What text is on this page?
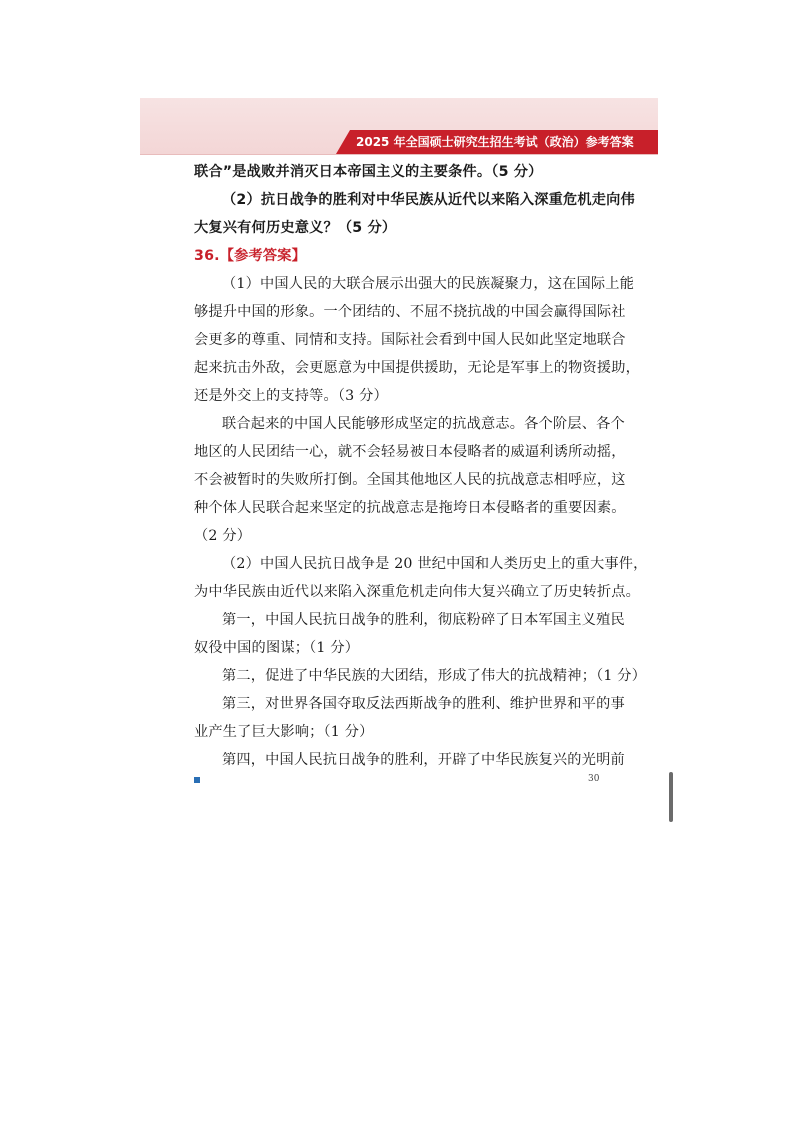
2025 年全国硕士研究生招生考试（政治）参考答案
联合”是战败并消灭日本帝国主义的主要条件。（5 分）
（2）抗日战争的胜利对中华民族从近代以来陷入深重危机走向伟
大复兴有何历史意义？（5 分）
36.【参考答案】
（1）中国人民的大联合展示出强大的民族凝聚力，这在国际上能
够提升中国的形象。一个团结的、不屈不挠抗战的中国会赢得国际社
会更多的尊重、同情和支持。国际社会看到中国人民如此坚定地联合
起来抗击外敌，会更愿意为中国提供援助，无论是军事上的物资援助，
还是外交上的支持等。（3 分）
联合起来的中国人民能够形成坚定的抗战意志。各个阶层、各个
地区的人民团结一心，就不会轻易被日本侵略者的威逼利诱所动摇，
不会被暂时的失败所打倒。全国其他地区人民的抗战意志相呼应，这
种个体人民联合起来坚定的抗战意志是拖垮日本侵略者的重要因素。
（2 分）
（2）中国人民抗日战争是 20 世纪中国和人类历史上的重大事件，
为中华民族由近代以来陷入深重危机走向伟大复兴确立了历史转折点。
第一，中国人民抗日战争的胜利，彻底粉碎了日本军国主义殖民
奴役中国的图谋；（1 分）
第二，促进了中华民族的大团结，形成了伟大的抗战精神；（1 分）
第三，对世界各国夺取反法西斯战争的胜利、维护世界和平的事
业产生了巨大影响；（1 分）
第四，中国人民抗日战争的胜利，开辟了中华民族复兴的光明前
30
